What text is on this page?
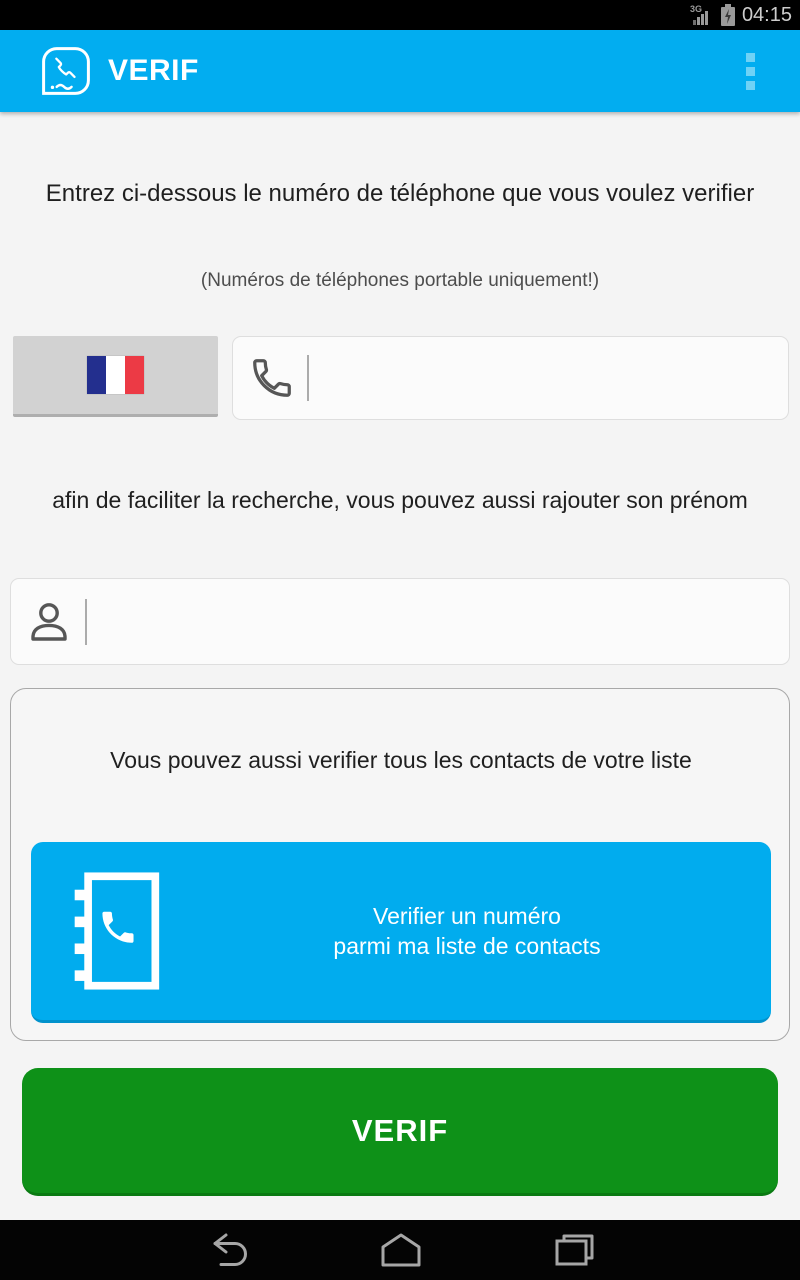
3G 04:15
VERIF
Entrez ci-dessous le numéro de téléphone que vous voulez verifier
(Numéros de téléphones portable uniquement!)
afin de faciliter la recherche, vous pouvez aussi rajouter son prénom
Vous pouvez aussi verifier tous les contacts de votre liste
Verifier un numéro
parmi ma liste de contacts
VERIF
